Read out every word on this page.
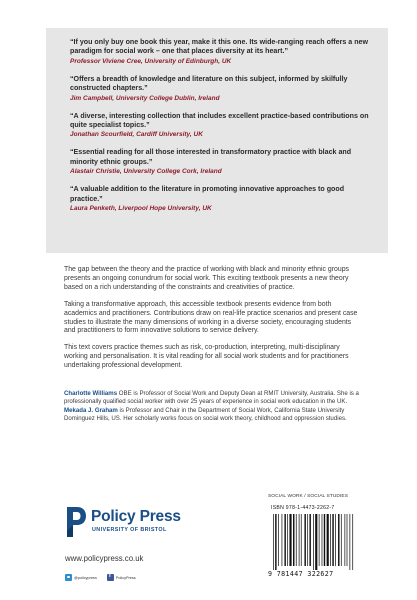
“If you only buy one book this year, make it this one. Its wide-ranging reach offers a new paradigm for social work – one that places diversity at its heart.”
Professor Viviene Cree, University of Edinburgh, UK
“Offers a breadth of knowledge and literature on this subject, informed by skilfully constructed chapters.”
Jim Campbell, University College Dublin, Ireland
“A diverse, interesting collection that includes excellent practice-based contributions on quite specialist topics.”
Jonathan Scourfield, Cardiff University, UK
“Essential reading for all those interested in transformatory practice with black and minority ethnic groups.”
Alastair Christie, University College Cork, Ireland
“A valuable addition to the literature in promoting innovative approaches to good practice.”
Laura Penketh, Liverpool Hope University, UK

The gap between the theory and the practice of working with black and minority ethnic groups presents an ongoing conundrum for social work. This exciting textbook presents a new theory based on a rich understanding of the constraints and creativities of practice.

Taking a transformative approach, this accessible textbook presents evidence from both academics and practitioners. Contributions draw on real-life practice scenarios and present case studies to illustrate the many dimensions of working in a diverse society, encouraging students and practitioners to form innovative solutions to service delivery.

This text covers practice themes such as risk, co-production, interpreting, multi-disciplinary working and personalisation. It is vital reading for all social work students and for practitioners undertaking professional development.

Charlotte Williams OBE is Professor of Social Work and Deputy Dean at RMIT University, Australia. She is a professionally qualified social worker with over 25 years of experience in social work education in the UK.

Mekada J. Graham is Professor and Chair in the Department of Social Work, California State University Dominguez Hills, US. Her scholarly works focus on social work theory, childhood and oppression studies.

SOCIAL WORK / SOCIAL STUDIES
Policy Press
UNIVERSITY OF BRISTOL
www.policypress.co.uk
@policypress
f	PolicyPress
ISBN 978-1-4473-2262-7
9 781447 322627
